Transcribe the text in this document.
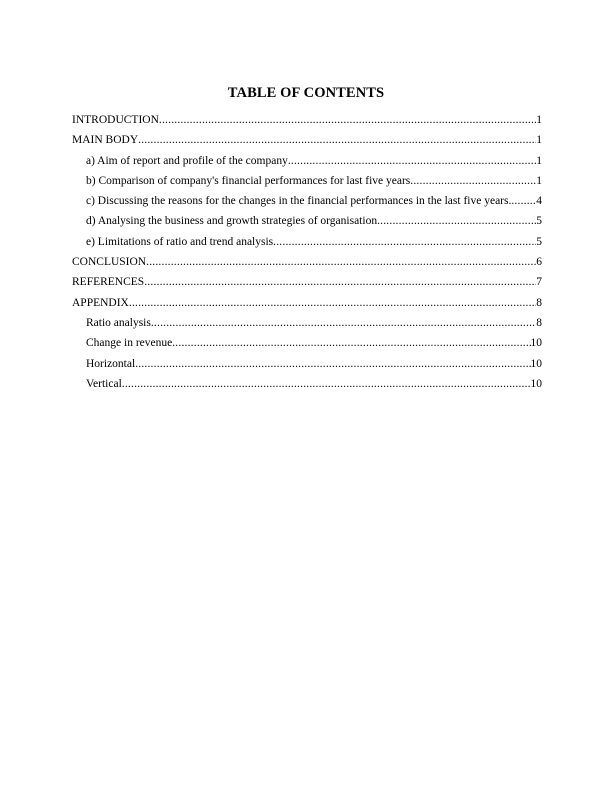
TABLE OF CONTENTS
INTRODUCTION .....	1
MAIN BODY .....	1
a) Aim of report and profile of the company .....	1
b) Comparison of company's financial performances for last five years .....	1
c) Discussing the reasons for the changes in the financial performances in the last five years. ..... 4
d) Analysing the business and growth strategies of organisation .....	5
e) Limitations of ratio and trend analysis .....	5
CONCLUSION .....	6
REFERENCES .....	7
APPENDIX .....	8
Ratio analysis .....	8
Change in revenue .....	10
Horizontal .....	10
Vertical .....	10
